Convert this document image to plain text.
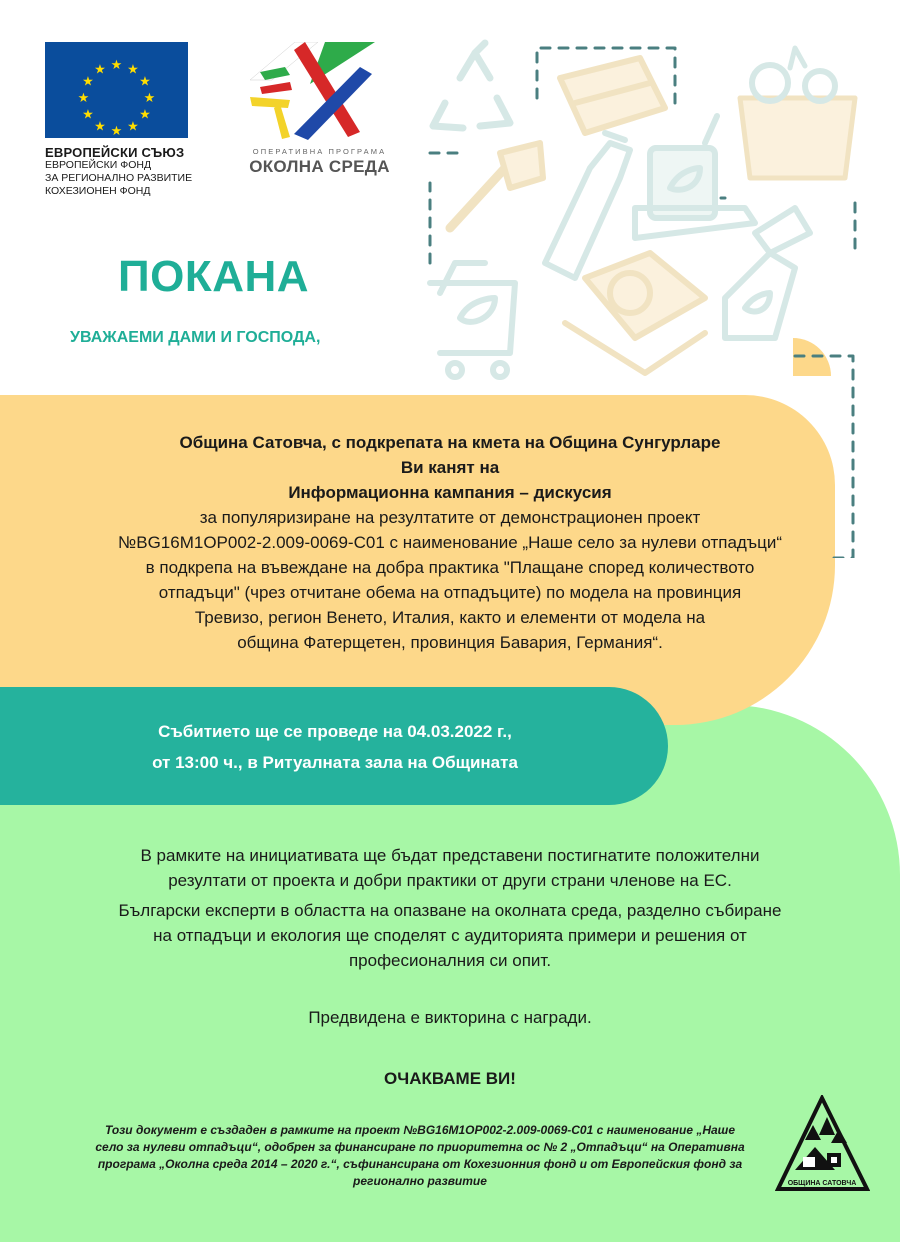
★ ★
★
★
★
★
★
★
★
★
★
★
ЕВРОПЕЙСКИ СЪЮЗ
ЕВРОПЕЙСКИ ФОНД
ЗА РЕГИОНАЛНО РАЗВИТИЕ
КОХЕЗИОНЕН ФОНД
ОПЕРАТИВНА ПРОГРАМА
ОКОЛНА СРЕДА
ПОКАНА
УВАЖАЕМИ ДАМИ И ГОСПОДА,
Община Сатовча, с подкрепата на кмета на Община Сунгурларе
Ви канят на
Информационна кампания – дискусия
за популяризиране на резултатите от демонстрационен проект
№BG16M1OP002-2.009-0069-C01 с наименование „Наше село за нулеви отпадъци“
в подкрепа на въвеждане на добра практика "Плащане според количеството
отпадъци" (чрез отчитане обема на отпадъците) по модела на провинция
Тревизо, регион Венето, Италия, както и елементи от модела на
община Фатерщетен, провинция Бавария, Германия“.
Събитието ще се проведе на 04.03.2022 г.,
от 13:00 ч., в Ритуалната зала на Общината

В рамките на инициативата ще бъдат представени постигнатите положителни
резултати от проекта и добри практики от други страни членове на ЕС.

Български експерти в областта на опазване на околната среда, разделно събиране
на отпадъци и екология ще споделят с аудиторията примери и решения от
професионалния си опит.

Предвидена е викторина с награди.
ОЧАКВАМЕ ВИ!
Този документ е създаден в рамките на проект №BG16M1OP002-2.009-0069-C01 с наименование „Наше
село за нулеви отпадъци“, одобрен за финансиране по приоритетна ос № 2 „Отпадъци“ на Оперативна
програма „Околна среда 2014 – 2020 г.“, съфинансирана от Кохезионния фонд и от Европейския фонд за
регионално развитие	ОБЩИНА САТОВЧА
